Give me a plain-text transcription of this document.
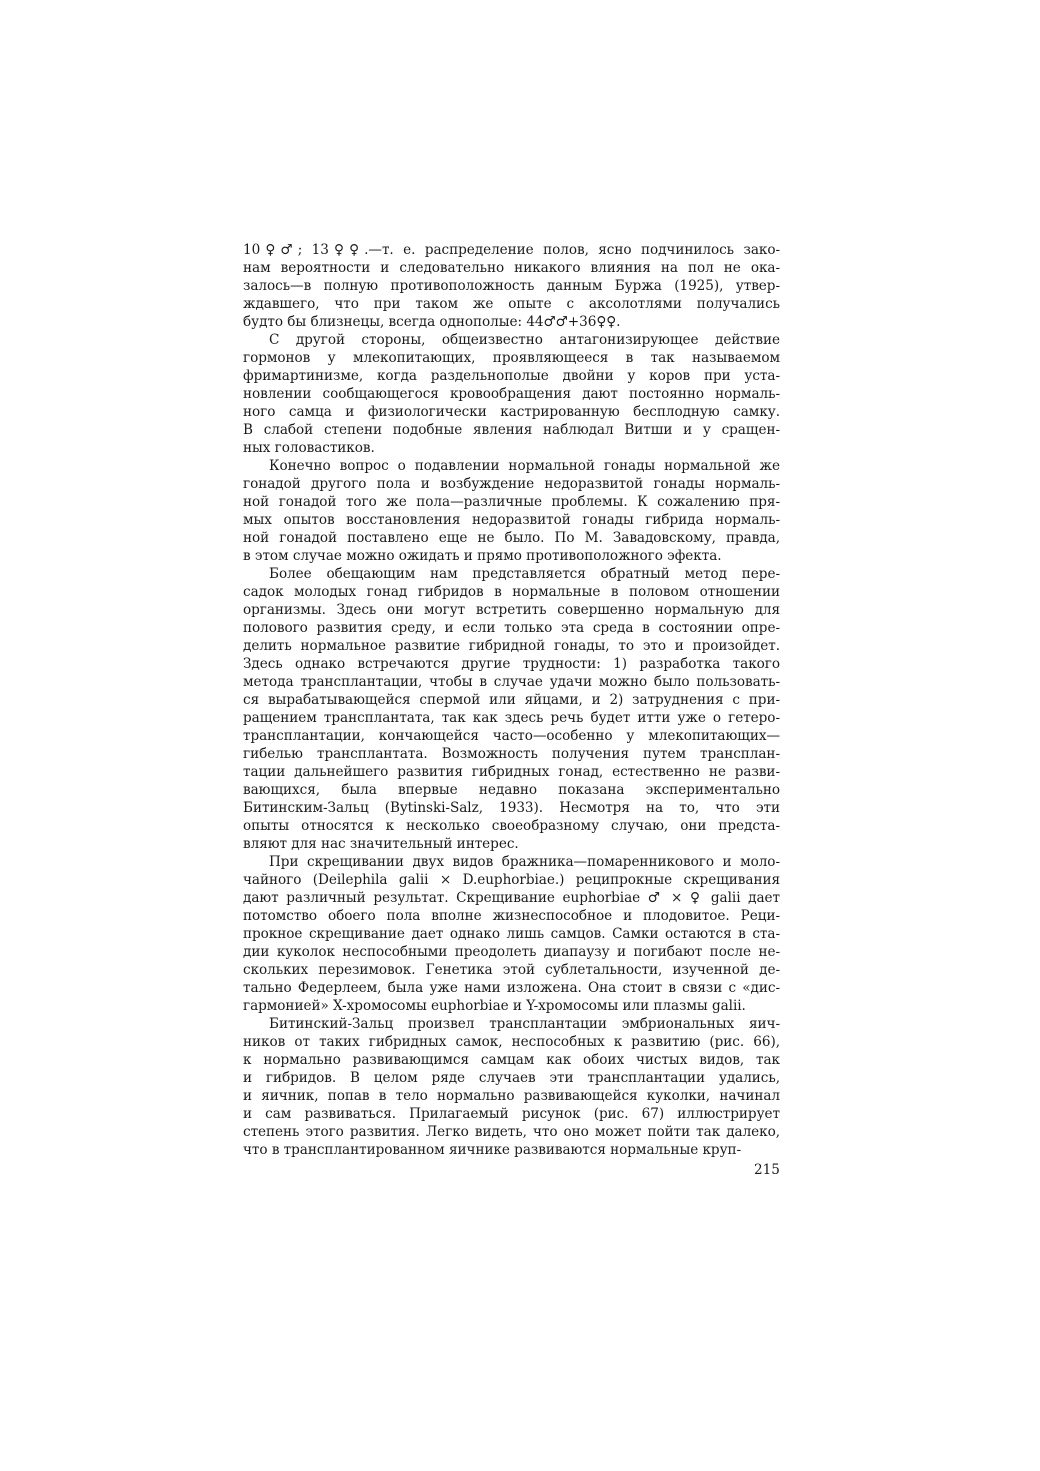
10♀♂; 13♀♀.—т. е. распределение полов, ясно подчинилось зако-
нам вероятности и следовательно никакого влияния на пол не ока-
залось—в полную противоположность данным Буржа (1925), утвер-
ждавшего, что при таком же опыте с аксолотлями получались
будто бы близнецы, всегда однополые: 44♂♂+36♀♀.
С другой стороны, общеизвестно антагонизирующее действие
гормонов у млекопитающих, проявляющееся в так называемом
фримартинизме, когда раздельнополые двойни у коров при уста-
новлении сообщающегося кровообращения дают постоянно нормаль-
ного самца и физиологически кастрированную бесплодную самку.
В слабой степени подобные явления наблюдал Витши и у сращен-
ных головастиков.
Конечно вопрос о подавлении нормальной гонады нормальной же
гонадой другого пола и возбуждение недоразвитой гонады нормаль-
ной гонадой того же пола—различные проблемы. К сожалению пря-
мых опытов восстановления недоразвитой гонады гибрида нормаль-
ной гонадой поставлено еще не было. По М. Завадовскому, правда,
в этом случае можно ожидать и прямо противоположного эфекта.
Более обещающим нам представляется обратный метод пере-
садок молодых гонад гибридов в нормальные в половом отношении
организмы. Здесь они могут встретить совершенно нормальную для
полового развития среду, и если только эта среда в состоянии опре-
делить нормальное развитие гибридной гонады, то это и произойдет.
Здесь однако встречаются другие трудности: 1) разработка такого
метода трансплантации, чтобы в случае удачи можно было пользовать-
ся вырабатывающейся спермой или яйцами, и 2) затруднения с при-
ращением трансплантата, так как здесь речь будет итти уже о гетеро-
трансплантации, кончающейся часто—особенно у млекопитающих—
гибелью трансплантата. Возможность получения путем трансплан-
тации дальнейшего развития гибридных гонад, естественно не разви-
вающихся, была впервые недавно показана экспериментально
Битинским-Зальц (Bytinski-Salz, 1933). Несмотря на то, что эти
опыты относятся к несколько своеобразному случаю, они предста-
вляют для нас значительный интерес.
При скрещивании двух видов бражника—помаренникового и моло-
чайного (Deilephila galii × D.euphorbiae.) реципрокные скрещивания
дают различный результат. Скрещивание euphorbiae ♂ × ♀ galii дает
потомство обоего пола вполне жизнеспособное и плодовитое. Реци-
прокное скрещивание дает однако лишь самцов. Самки остаются в ста-
дии куколок неспособными преодолеть диапаузу и погибают после не-
скольких перезимовок. Генетика этой сублетальности, изученной де-
тально Федерлеем, была уже нами изложена. Она стоит в связи с «дис-
гармонией» X-хромосомы euphorbiae и Y-хромосомы или плазмы galii.
Битинский-Зальц произвел трансплантации эмбриональных яич-
ников от таких гибридных самок, неспособных к развитию (рис. 66),
к нормально развивающимся самцам как обоих чистых видов, так
и гибридов. В целом ряде случаев эти трансплантации удались,
и яичник, попав в тело нормально развивающейся куколки, начинал
и сам развиваться. Прилагаемый рисунок (рис. 67) иллюстрирует
степень этого развития. Легко видеть, что оно может пойти так далеко,
что в трансплантированном яичнике развиваются нормальные круп-
215
